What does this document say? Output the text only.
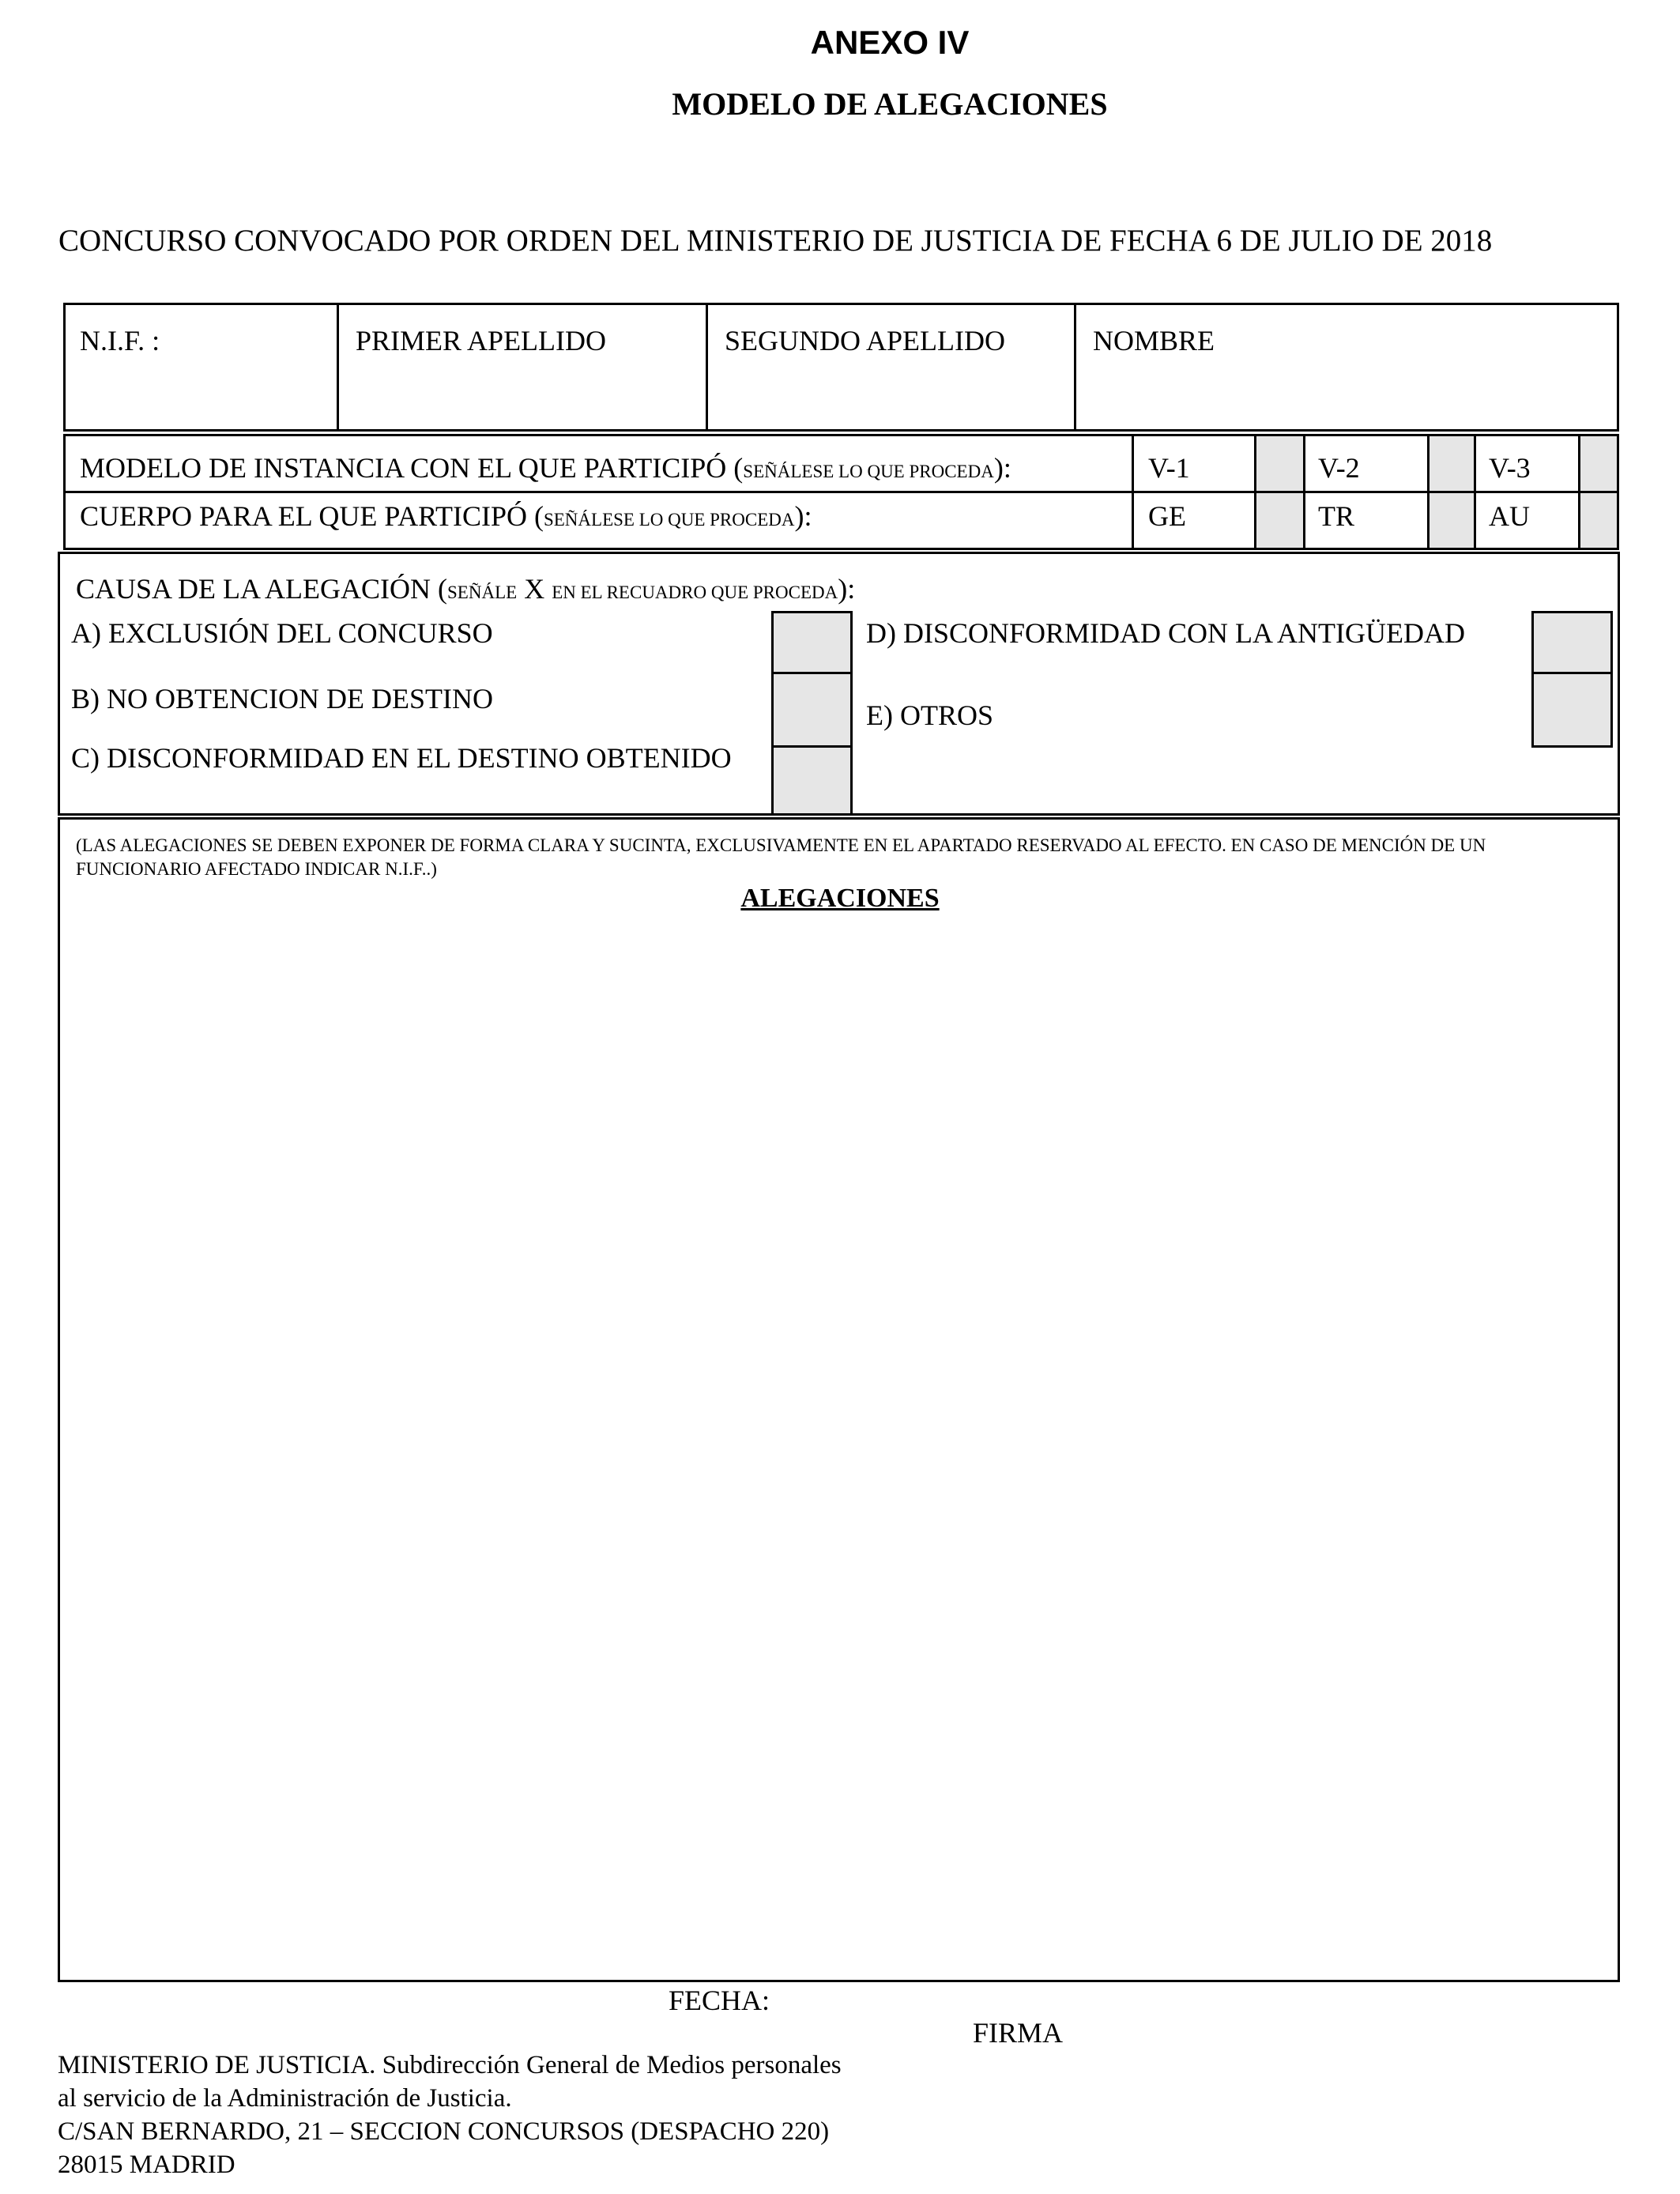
ANEXO IV
MODELO DE ALEGACIONES
CONCURSO CONVOCADO POR ORDEN DEL MINISTERIO DE JUSTICIA DE FECHA 6 DE JULIO DE 2018
N.I.F. :	PRIMER APELLIDO	SEGUNDO APELLIDO	NOMBRE
MODELO DE INSTANCIA CON EL QUE PARTICIPÓ (SEÑÁLESE LO QUE PROCEDA):	V-1	V-2	V-3
CUERPO PARA EL QUE PARTICIPÓ (SEÑÁLESE LO QUE PROCEDA):	GE	TR	AU
CAUSA DE LA ALEGACIÓN (SEÑÁLE X EN EL RECUADRO QUE PROCEDA):
A) EXCLUSIÓN DEL CONCURSO
B) NO OBTENCION DE DESTINO
C) DISCONFORMIDAD EN EL DESTINO OBTENIDO
D) DISCONFORMIDAD CON LA ANTIGÜEDAD
E) OTROS
(LAS ALEGACIONES SE DEBEN EXPONER DE FORMA CLARA Y SUCINTA, EXCLUSIVAMENTE EN EL APARTADO RESERVADO AL EFECTO. EN CASO DE MENCIÓN DE UN FUNCIONARIO AFECTADO INDICAR N.I.F..)
ALEGACIONES
FECHA:
FIRMA
MINISTERIO DE JUSTICIA. Subdirección General de Medios personales
al servicio de la Administración de Justicia.
C/SAN BERNARDO, 21 – SECCION CONCURSOS (DESPACHO 220)
28015 MADRID
